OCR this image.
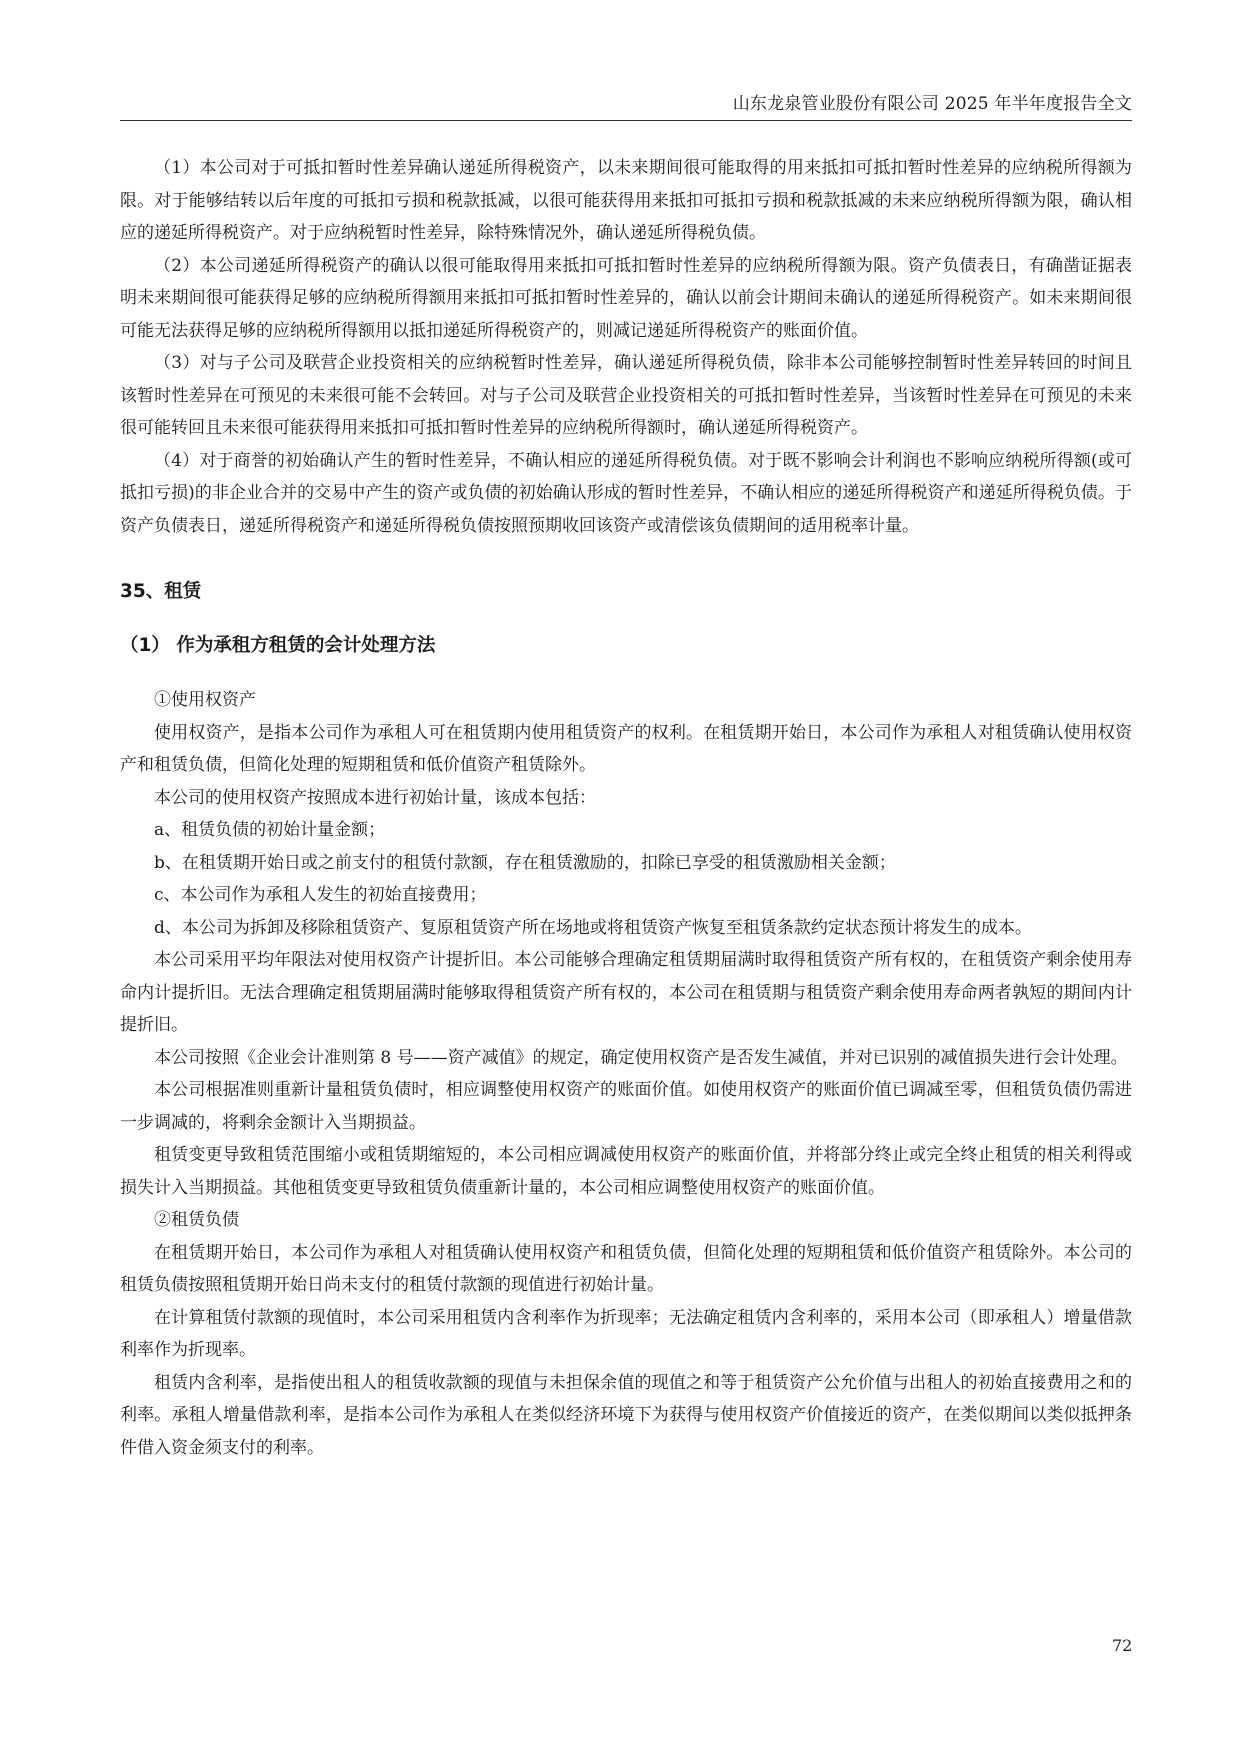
山东龙泉管业股份有限公司 2025 年半年度报告全文

（1）本公司对于可抵扣暂时性差异确认递延所得税资产，以未来期间很可能取得的用来抵扣可抵扣暂时性差异的应纳税所得额为限。对于能够结转以后年度的可抵扣亏损和税款抵减，以很可能获得用来抵扣可抵扣亏损和税款抵减的未来应纳税所得额为限，确认相应的递延所得税资产。对于应纳税暂时性差异，除特殊情况外，确认递延所得税负债。

（2）本公司递延所得税资产的确认以很可能取得用来抵扣可抵扣暂时性差异的应纳税所得额为限。资产负债表日，有确凿证据表明未来期间很可能获得足够的应纳税所得额用来抵扣可抵扣暂时性差异的，确认以前会计期间未确认的递延所得税资产。如未来期间很可能无法获得足够的应纳税所得额用以抵扣递延所得税资产的，则减记递延所得税资产的账面价值。

（3）对与子公司及联营企业投资相关的应纳税暂时性差异，确认递延所得税负债，除非本公司能够控制暂时性差异转回的时间且该暂时性差异在可预见的未来很可能不会转回。对与子公司及联营企业投资相关的可抵扣暂时性差异，当该暂时性差异在可预见的未来很可能转回且未来很可能获得用来抵扣可抵扣暂时性差异的应纳税所得额时，确认递延所得税资产。

（4）对于商誉的初始确认产生的暂时性差异，不确认相应的递延所得税负债。对于既不影响会计利润也不影响应纳税所得额(或可抵扣亏损)的非企业合并的交易中产生的资产或负债的初始确认形成的暂时性差异，不确认相应的递延所得税资产和递延所得税负债。于资产负债表日，递延所得税资产和递延所得税负债按照预期收回该资产或清偿该负债期间的适用税率计量。

35、租赁
（1） 作为承租方租赁的会计处理方法

①使用权资产

使用权资产，是指本公司作为承租人可在租赁期内使用租赁资产的权利。在租赁期开始日，本公司作为承租人对租赁确认使用权资产和租赁负债，但简化处理的短期租赁和低价值资产租赁除外。

本公司的使用权资产按照成本进行初始计量，该成本包括：

a、租赁负债的初始计量金额；

b、在租赁期开始日或之前支付的租赁付款额，存在租赁激励的，扣除已享受的租赁激励相关金额；

c、本公司作为承租人发生的初始直接费用；

d、本公司为拆卸及移除租赁资产、复原租赁资产所在场地或将租赁资产恢复至租赁条款约定状态预计将发生的成本。

本公司采用平均年限法对使用权资产计提折旧。本公司能够合理确定租赁期届满时取得租赁资产所有权的，在租赁资产剩余使用寿命内计提折旧。无法合理确定租赁期届满时能够取得租赁资产所有权的，本公司在租赁期与租赁资产剩余使用寿命两者孰短的期间内计提折旧。

本公司按照《企业会计准则第 8 号——资产减值》的规定，确定使用权资产是否发生减值，并对已识别的减值损失进行会计处理。

本公司根据准则重新计量租赁负债时，相应调整使用权资产的账面价值。如使用权资产的账面价值已调减至零，但租赁负债仍需进一步调减的，将剩余金额计入当期损益。

租赁变更导致租赁范围缩小或租赁期缩短的，本公司相应调减使用权资产的账面价值，并将部分终止或完全终止租赁的相关利得或损失计入当期损益。其他租赁变更导致租赁负债重新计量的，本公司相应调整使用权资产的账面价值。

②租赁负债

在租赁期开始日，本公司作为承租人对租赁确认使用权资产和租赁负债，但简化处理的短期租赁和低价值资产租赁除外。本公司的租赁负债按照租赁期开始日尚未支付的租赁付款额的现值进行初始计量。

在计算租赁付款额的现值时，本公司采用租赁内含利率作为折现率；无法确定租赁内含利率的，采用本公司（即承租人）增量借款利率作为折现率。

租赁内含利率，是指使出租人的租赁收款额的现值与未担保余值的现值之和等于租赁资产公允价值与出租人的初始直接费用之和的利率。承租人增量借款利率，是指本公司作为承租人在类似经济环境下为获得与使用权资产价值接近的资产，在类似期间以类似抵押条件借入资金须支付的利率。

72
